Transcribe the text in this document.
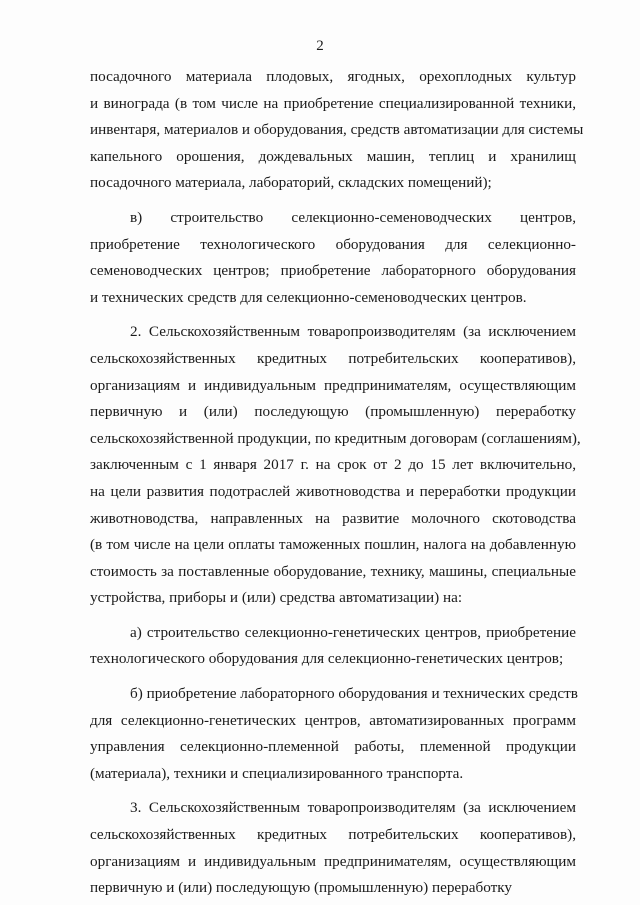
2
посадочного материала плодовых, ягодных, орехоплодных культур
и винограда (в том числе на приобретение специализированной техники,
инвентаря, материалов и оборудования, средств автоматизации для системы
капельного орошения, дождевальных машин, теплиц и хранилищ
посадочного материала, лабораторий, складских помещений);
в) строительство селекционно-семеноводческих центров,
приобретение технологического оборудования для селекционно-
семеноводческих центров; приобретение лабораторного оборудования
и технических средств для селекционно-семеноводческих центров.
2. Сельскохозяйственным товаропроизводителям (за исключением
сельскохозяйственных кредитных потребительских кооперативов),
организациям и индивидуальным предпринимателям, осуществляющим
первичную и (или) последующую (промышленную) переработку
сельскохозяйственной продукции, по кредитным договорам (соглашениям),
заключенным с 1 января 2017 г. на срок от 2 до 15 лет включительно,
на цели развития подотраслей животноводства и переработки продукции
животноводства, направленных на развитие молочного скотоводства
(в том числе на цели оплаты таможенных пошлин, налога на добавленную
стоимость за поставленные оборудование, технику, машины, специальные
устройства, приборы и (или) средства автоматизации) на:
а) строительство селекционно-генетических центров, приобретение
технологического оборудования для селекционно-генетических центров;
б) приобретение лабораторного оборудования и технических средств
для селекционно-генетических центров, автоматизированных программ
управления селекционно-племенной работы, племенной продукции
(материала), техники и специализированного транспорта.
3. Сельскохозяйственным товаропроизводителям (за исключением
сельскохозяйственных кредитных потребительских кооперативов),
организациям и индивидуальным предпринимателям, осуществляющим
первичную и (или) последующую (промышленную) переработку
